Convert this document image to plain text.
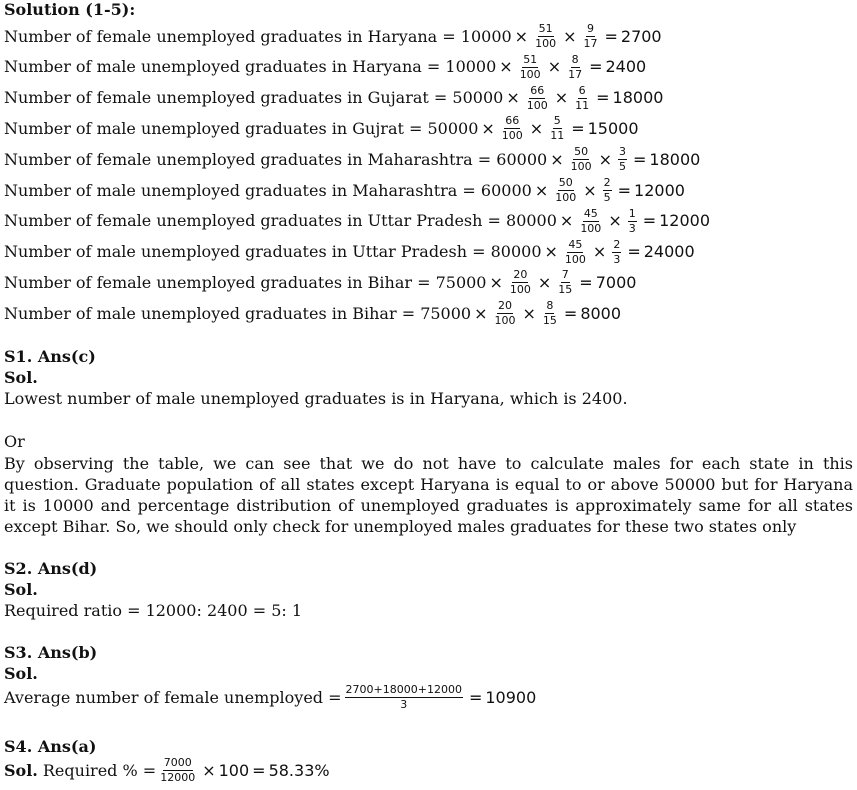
Solution (1-5):
Number of female unemployed graduates in Haryana = $10000 \times \frac{51}{100} \times \frac{9}{17} = 2700$
Number of male unemployed graduates in Haryana = $10000 \times \frac{51}{100} \times \frac{8}{17} = 2400$
Number of female unemployed graduates in Gujarat = $50000 \times \frac{66}{100} \times \frac{6}{11} = 18000$
Number of male unemployed graduates in Gujrat = $50000 \times \frac{66}{100} \times \frac{5}{11} = 15000$
Number of female unemployed graduates in Maharashtra = $60000 \times \frac{50}{100} \times \frac{3}{5} = 18000$
Number of male unemployed graduates in Maharashtra = $60000 \times \frac{50}{100} \times \frac{2}{5} = 12000$
Number of female unemployed graduates in Uttar Pradesh = $80000 \times \frac{45}{100} \times \frac{1}{3} = 12000$
Number of male unemployed graduates in Uttar Pradesh = $80000 \times \frac{45}{100} \times \frac{2}{3} = 24000$
Number of female unemployed graduates in Bihar = $75000 \times \frac{20}{100} \times \frac{7}{15} = 7000$
Number of male unemployed graduates in Bihar = $75000 \times \frac{20}{100} \times \frac{8}{15} = 8000$
S1. Ans(c)
Sol.
Lowest number of male unemployed graduates is in Haryana, which is 2400.
Or
By observing the table, we can see that we do not have to calculate males for each state in this question. Graduate population of all states except Haryana is equal to or above 50000 but for Haryana it is 10000 and percentage distribution of unemployed graduates is approximately same for all states except Bihar. So, we should only check for unemployed males graduates for these two states only
S2. Ans(d)
Sol.
Required ratio = 12000: 2400 = 5: 1
S3. Ans(b)
Sol.
Average number of female unemployed = $\frac{2700+18000+12000}{3} = 10900$
S4. Ans(a)
Sol. Required % = $\frac{7000}{12000} \times 100 = 58.33\%$
